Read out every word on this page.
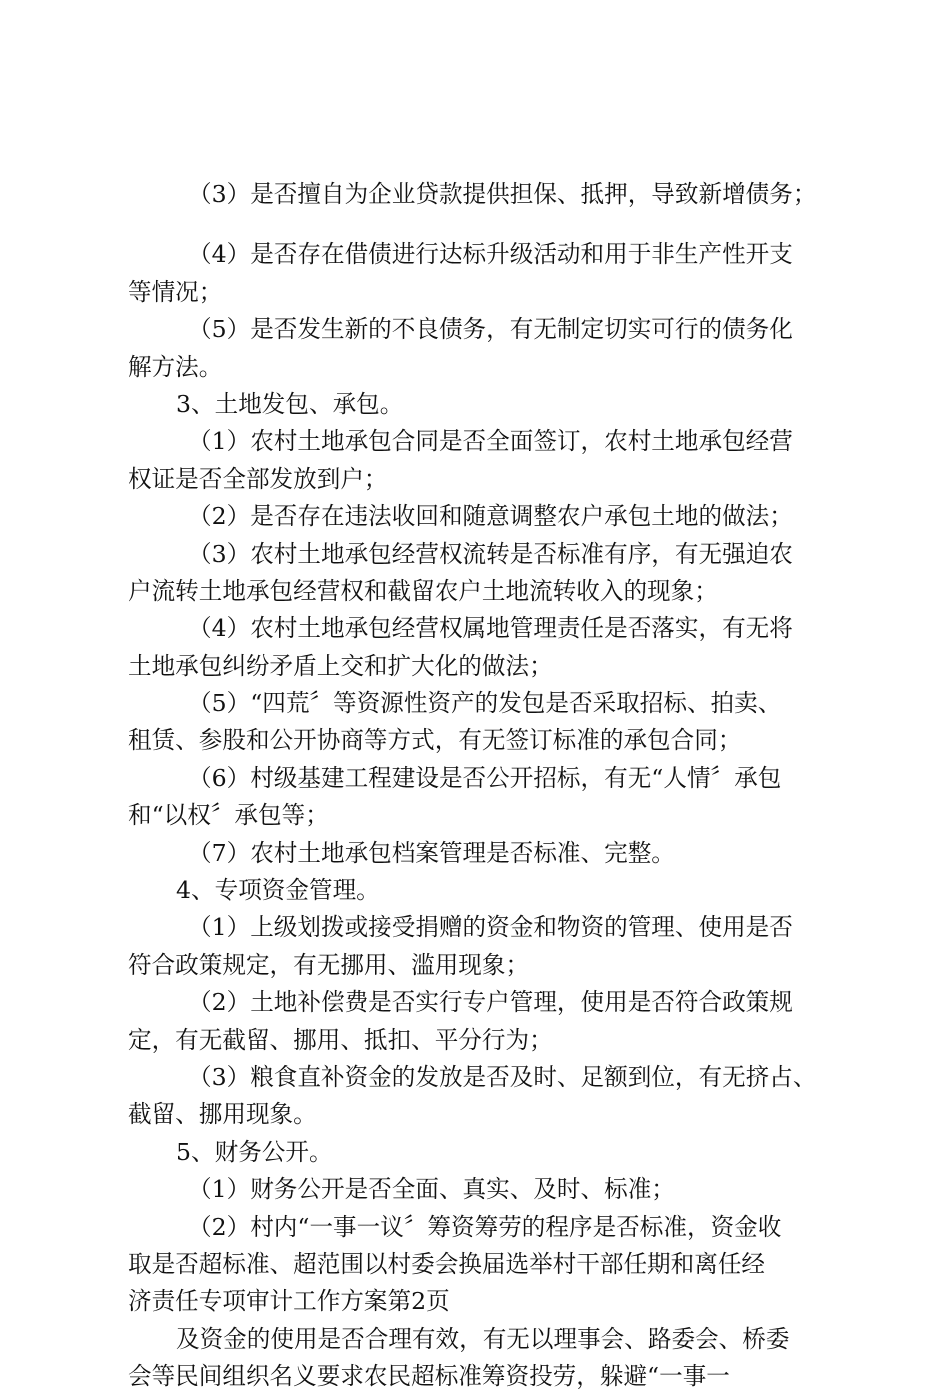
（3）是否擅自为企业贷款提供担保、抵押，导致新增债务；
（4）是否存在借债进行达标升级活动和用于非生产性开支
等情况；
（5）是否发生新的不良债务，有无制定切实可行的债务化
解方法。
3、土地发包、承包。
（1）农村土地承包合同是否全面签订，农村土地承包经营
权证是否全部发放到户；
（2）是否存在违法收回和随意调整农户承包土地的做法；
（3）农村土地承包经营权流转是否标准有序，有无强迫农
户流转土地承包经营权和截留农户土地流转收入的现象；
（4）农村土地承包经营权属地管理责任是否落实，有无将
土地承包纠纷矛盾上交和扩大化的做法；
（5）“四荒〞等资源性资产的发包是否采取招标、拍卖、
租赁、参股和公开协商等方式，有无签订标准的承包合同；
（6）村级基建工程建设是否公开招标，有无“人情〞承包
和“以权〞承包等；
（7）农村土地承包档案管理是否标准、完整。
4、专项资金管理。
（1）上级划拨或接受捐赠的资金和物资的管理、使用是否
符合政策规定，有无挪用、滥用现象；
（2）土地补偿费是否实行专户管理，使用是否符合政策规
定，有无截留、挪用、抵扣、平分行为；
（3）粮食直补资金的发放是否及时、足额到位，有无挤占、
截留、挪用现象。
5、财务公开。
（1）财务公开是否全面、真实、及时、标准；
（2）村内“一事一议〞筹资筹劳的程序是否标准，资金收
取是否超标准、超范围以村委会换届选举村干部任期和离任经
济责任专项审计工作方案第2页
及资金的使用是否合理有效，有无以理事会、路委会、桥委
会等民间组织名义要求农民超标准筹资投劳，躲避“一事一
